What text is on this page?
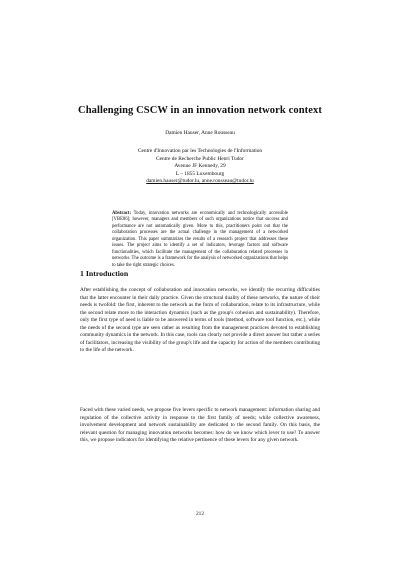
Challenging CSCW in an innovation network context
Damien Hauser, Anne Rousseau
Centre d'Innovation par les Technologies de l'Information
Centre de Recherche Public Henri Tudor
Avenue JF Kennedy, 29
L – 1855 Luxembourg
damien.hauser@tudor.lu, anne.rousseau@tudor.lu
Abstract: Today, innovation networks are economically and technologically accessible [VBE06]; however, managers and members of such organizations notice that success and performance are not automatically given. More to this, practitioners point out that the collaboration processes are the actual challenge in the management of a networked organization. This paper summarizes the results of a research project that addresses these issues. The project aims to identify a set of indicators, leverage factors and software functionalities, which facilitate the management of the collaboration related processes in networks. The outcome is a framework for the analysis of networked organizations that helps to take the right strategic choices.
1 Introduction
After establishing the concept of collaboration and innovation networks, we identify the recurring difficulties that the latter encounter in their daily practice. Given the structural duality of these networks, the nature of their needs is twofold: the first, inherent to the network as the form of collaboration, relate to its infrastructure, while the second relate more to the interaction dynamics (such as the group's cohesion and sustainability). Therefore, only the first type of need is liable to be answered in terms of tools (method, software tool function, etc.), while the needs of the second type are seen rather as resulting from the management practices devoted to establishing community dynamics in the network. In this case, tools can clearly not provide a direct answer but rather a series of facilitators, increasing the visibility of the group's life and the capacity for action of the members contributing to the life of the network.
Faced with these varied needs, we propose five levers specific to network management: information sharing and regulation of the collective activity in response to the first family of needs; while collective awareness, involvement development and network sustainability are dedicated to the second family. On this basis, the relevant question for managing innovation networks becomes: how do we know which lever to use? To answer this, we propose indicators for identifying the relative pertinence of these levers for any given network.
212
